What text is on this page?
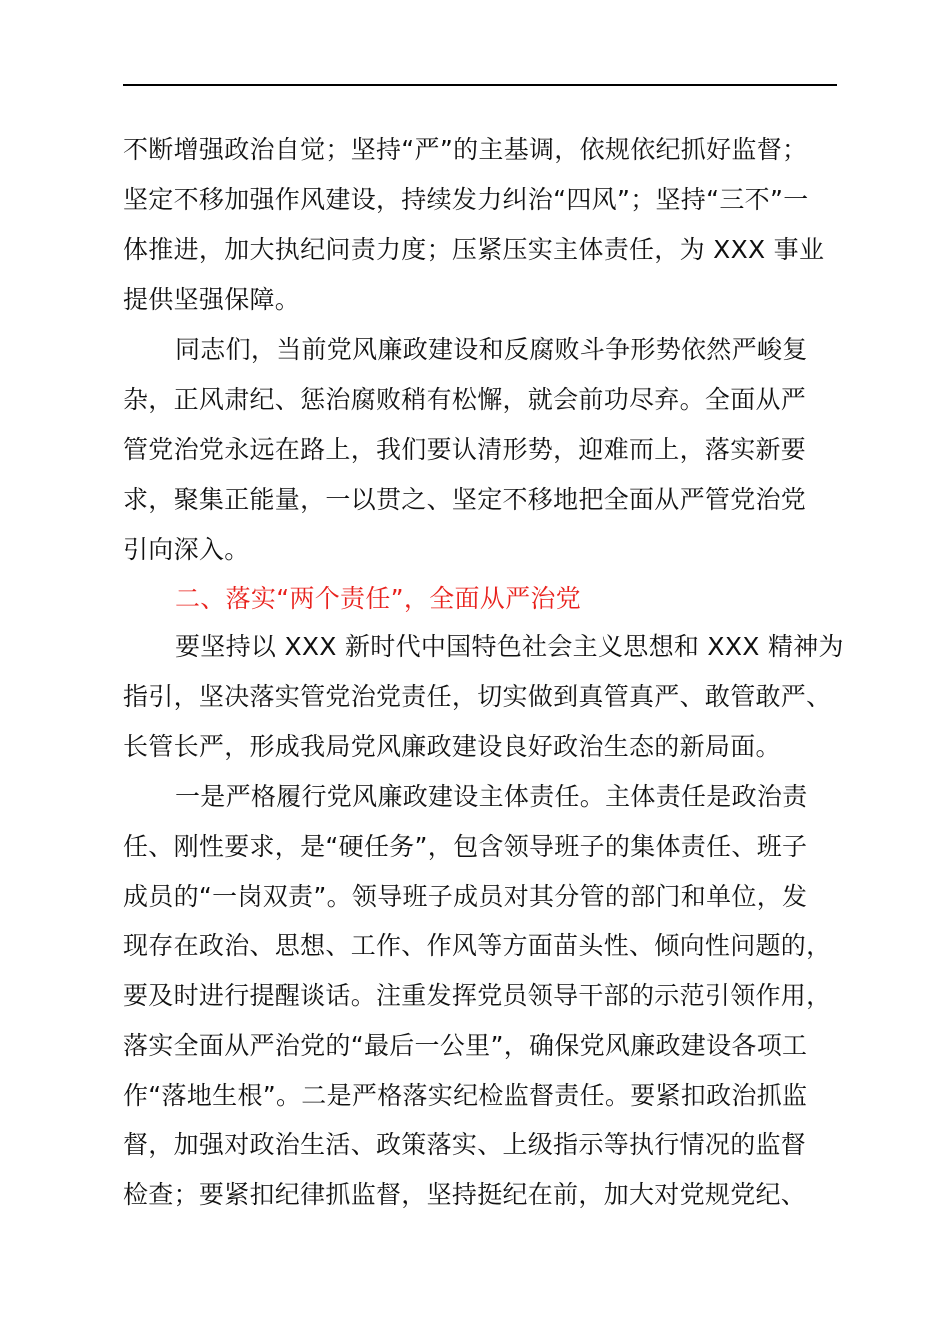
不断增强政治自觉；坚持“严”的主基调，依规依纪抓好监督；
坚定不移加强作风建设，持续发力纠治“四风”；坚持“三不”一
体推进，加大执纪问责力度；压紧压实主体责任，为 XXX 事业
提供坚强保障。
同志们，当前党风廉政建设和反腐败斗争形势依然严峻复
杂，正风肃纪、惩治腐败稍有松懈，就会前功尽弃。全面从严
管党治党永远在路上，我们要认清形势，迎难而上，落实新要
求，聚集正能量，一以贯之、坚定不移地把全面从严管党治党
引向深入。
二、落实“两个责任”，全面从严治党
要坚持以 XXX 新时代中国特色社会主义思想和 XXX 精神为
指引，坚决落实管党治党责任，切实做到真管真严、敢管敢严、
长管长严，形成我局党风廉政建设良好政治生态的新局面。
一是严格履行党风廉政建设主体责任。主体责任是政治责
任、刚性要求，是“硬任务”，包含领导班子的集体责任、班子
成员的“一岗双责”。领导班子成员对其分管的部门和单位，发
现存在政治、思想、工作、作风等方面苗头性、倾向性问题的，
要及时进行提醒谈话。注重发挥党员领导干部的示范引领作用，
落实全面从严治党的“最后一公里”，确保党风廉政建设各项工
作“落地生根”。二是严格落实纪检监督责任。要紧扣政治抓监
督，加强对政治生活、政策落实、上级指示等执行情况的监督
检查；要紧扣纪律抓监督，坚持挺纪在前，加大对党规党纪、
